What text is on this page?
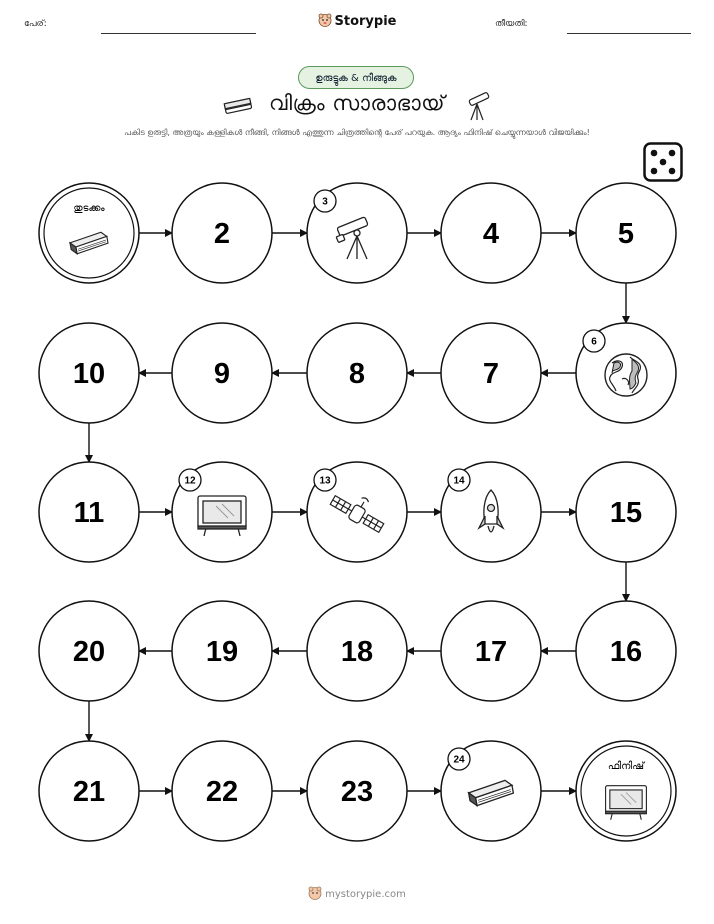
പേര്:	Storypie	തീയതി:
ഉരുട്ടുക & നീങ്ങുക
വിക്രം സാരാഭായ്
പകിട ഉരുട്ടി, അത്രയും കള്ളികൾ നീങ്ങി, നിങ്ങൾ എത്തുന്ന ചിത്രത്തിന്റെ പേര് പറയുക. ആദ്യം ഫിനിഷ് ചെയ്യുന്നയാൾ വിജയിക്കും!
തുടക്കം
2
3
4	5
6
7
8
9
10
11
12	13	14
15
16
17
18
19
20
21	22	23
24
ഫിനിഷ്
mystorypie.com
